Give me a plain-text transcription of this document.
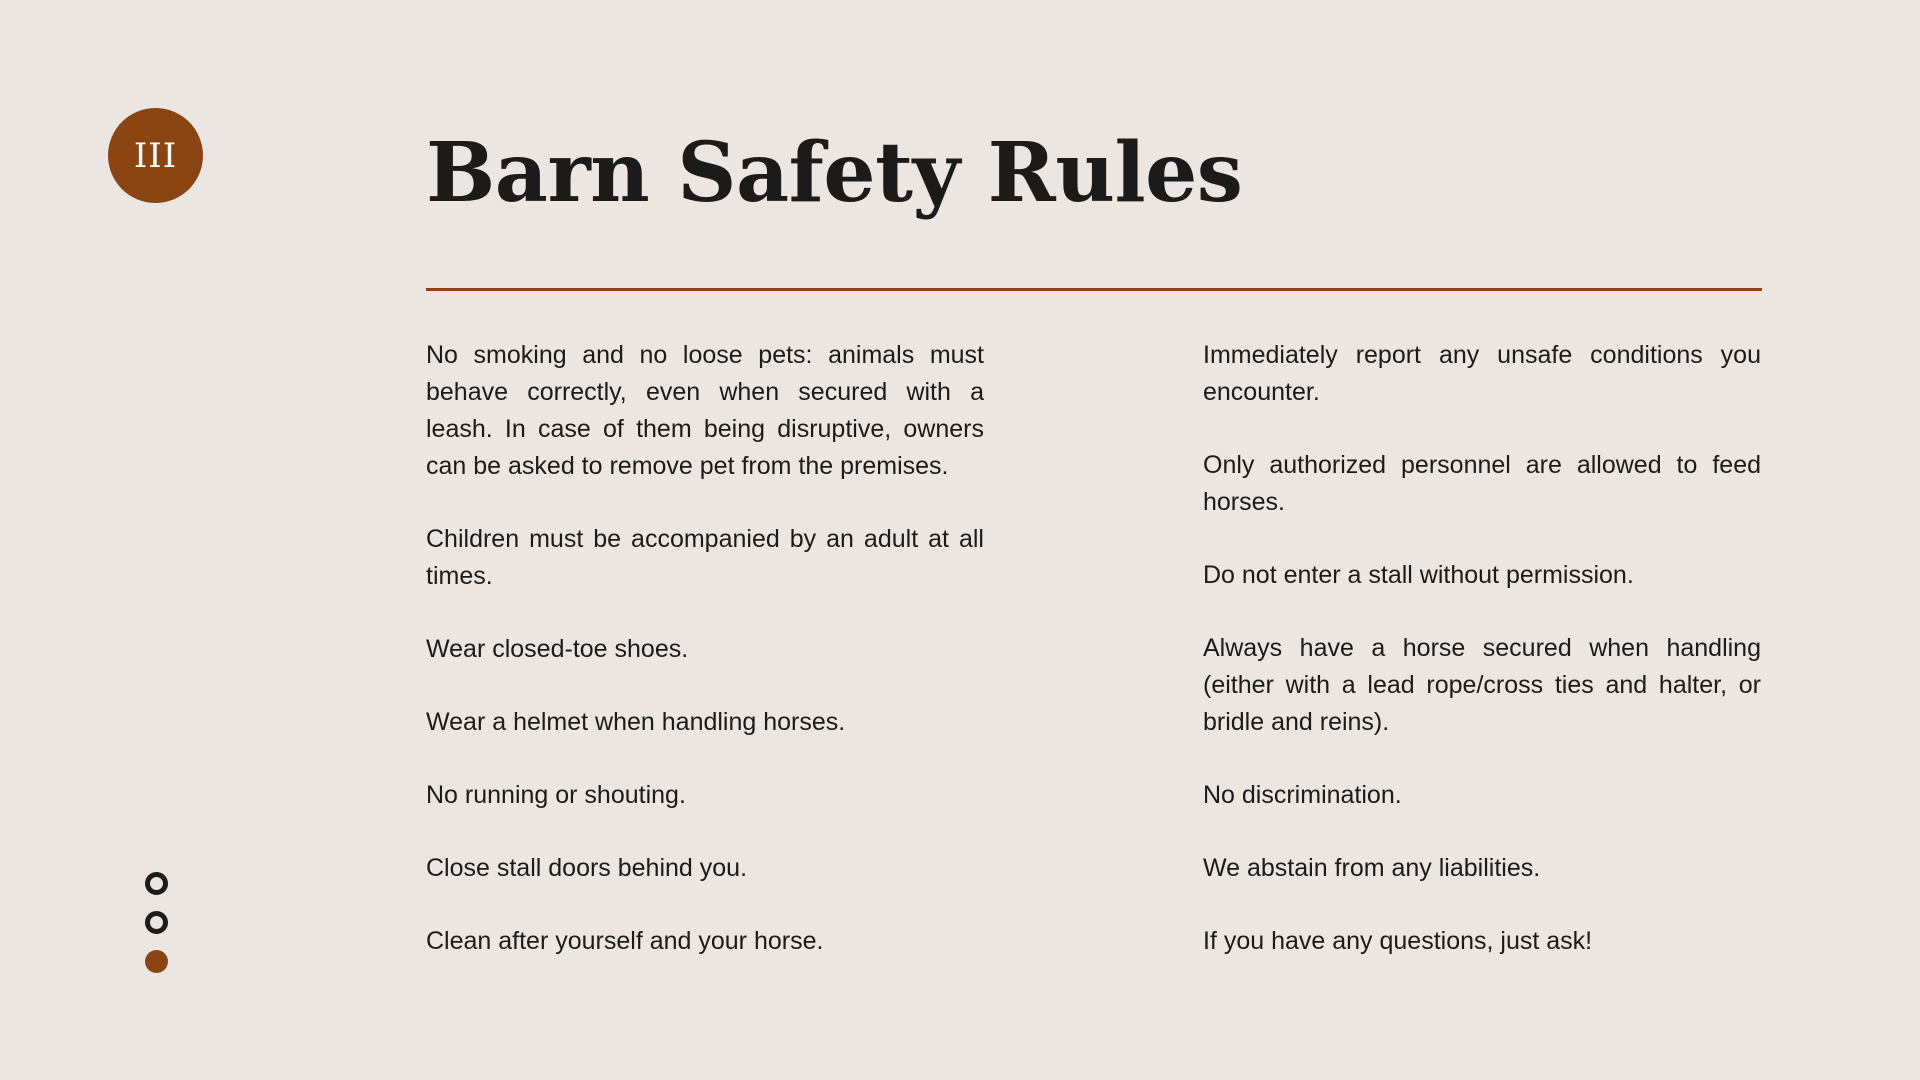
III	Barn Safety Rules

No smoking and no loose pets: animals must behave correctly, even when secured with a leash. In case of them being disruptive, owners can be asked to remove pet from the premises.

Children must be accompanied by an adult at all times.

Wear closed-toe shoes.

Wear a helmet when handling horses.

No running or shouting.

Close stall doors behind you.

Clean after yourself and your horse.

Immediately report any unsafe conditions you encounter.

Only authorized personnel are allowed to feed horses.

Do not enter a stall without permission.

Always have a horse secured when handling (either with a lead rope/cross ties and halter, or bridle and reins).

No discrimination.

We abstain from any liabilities.

If you have any questions, just ask!
